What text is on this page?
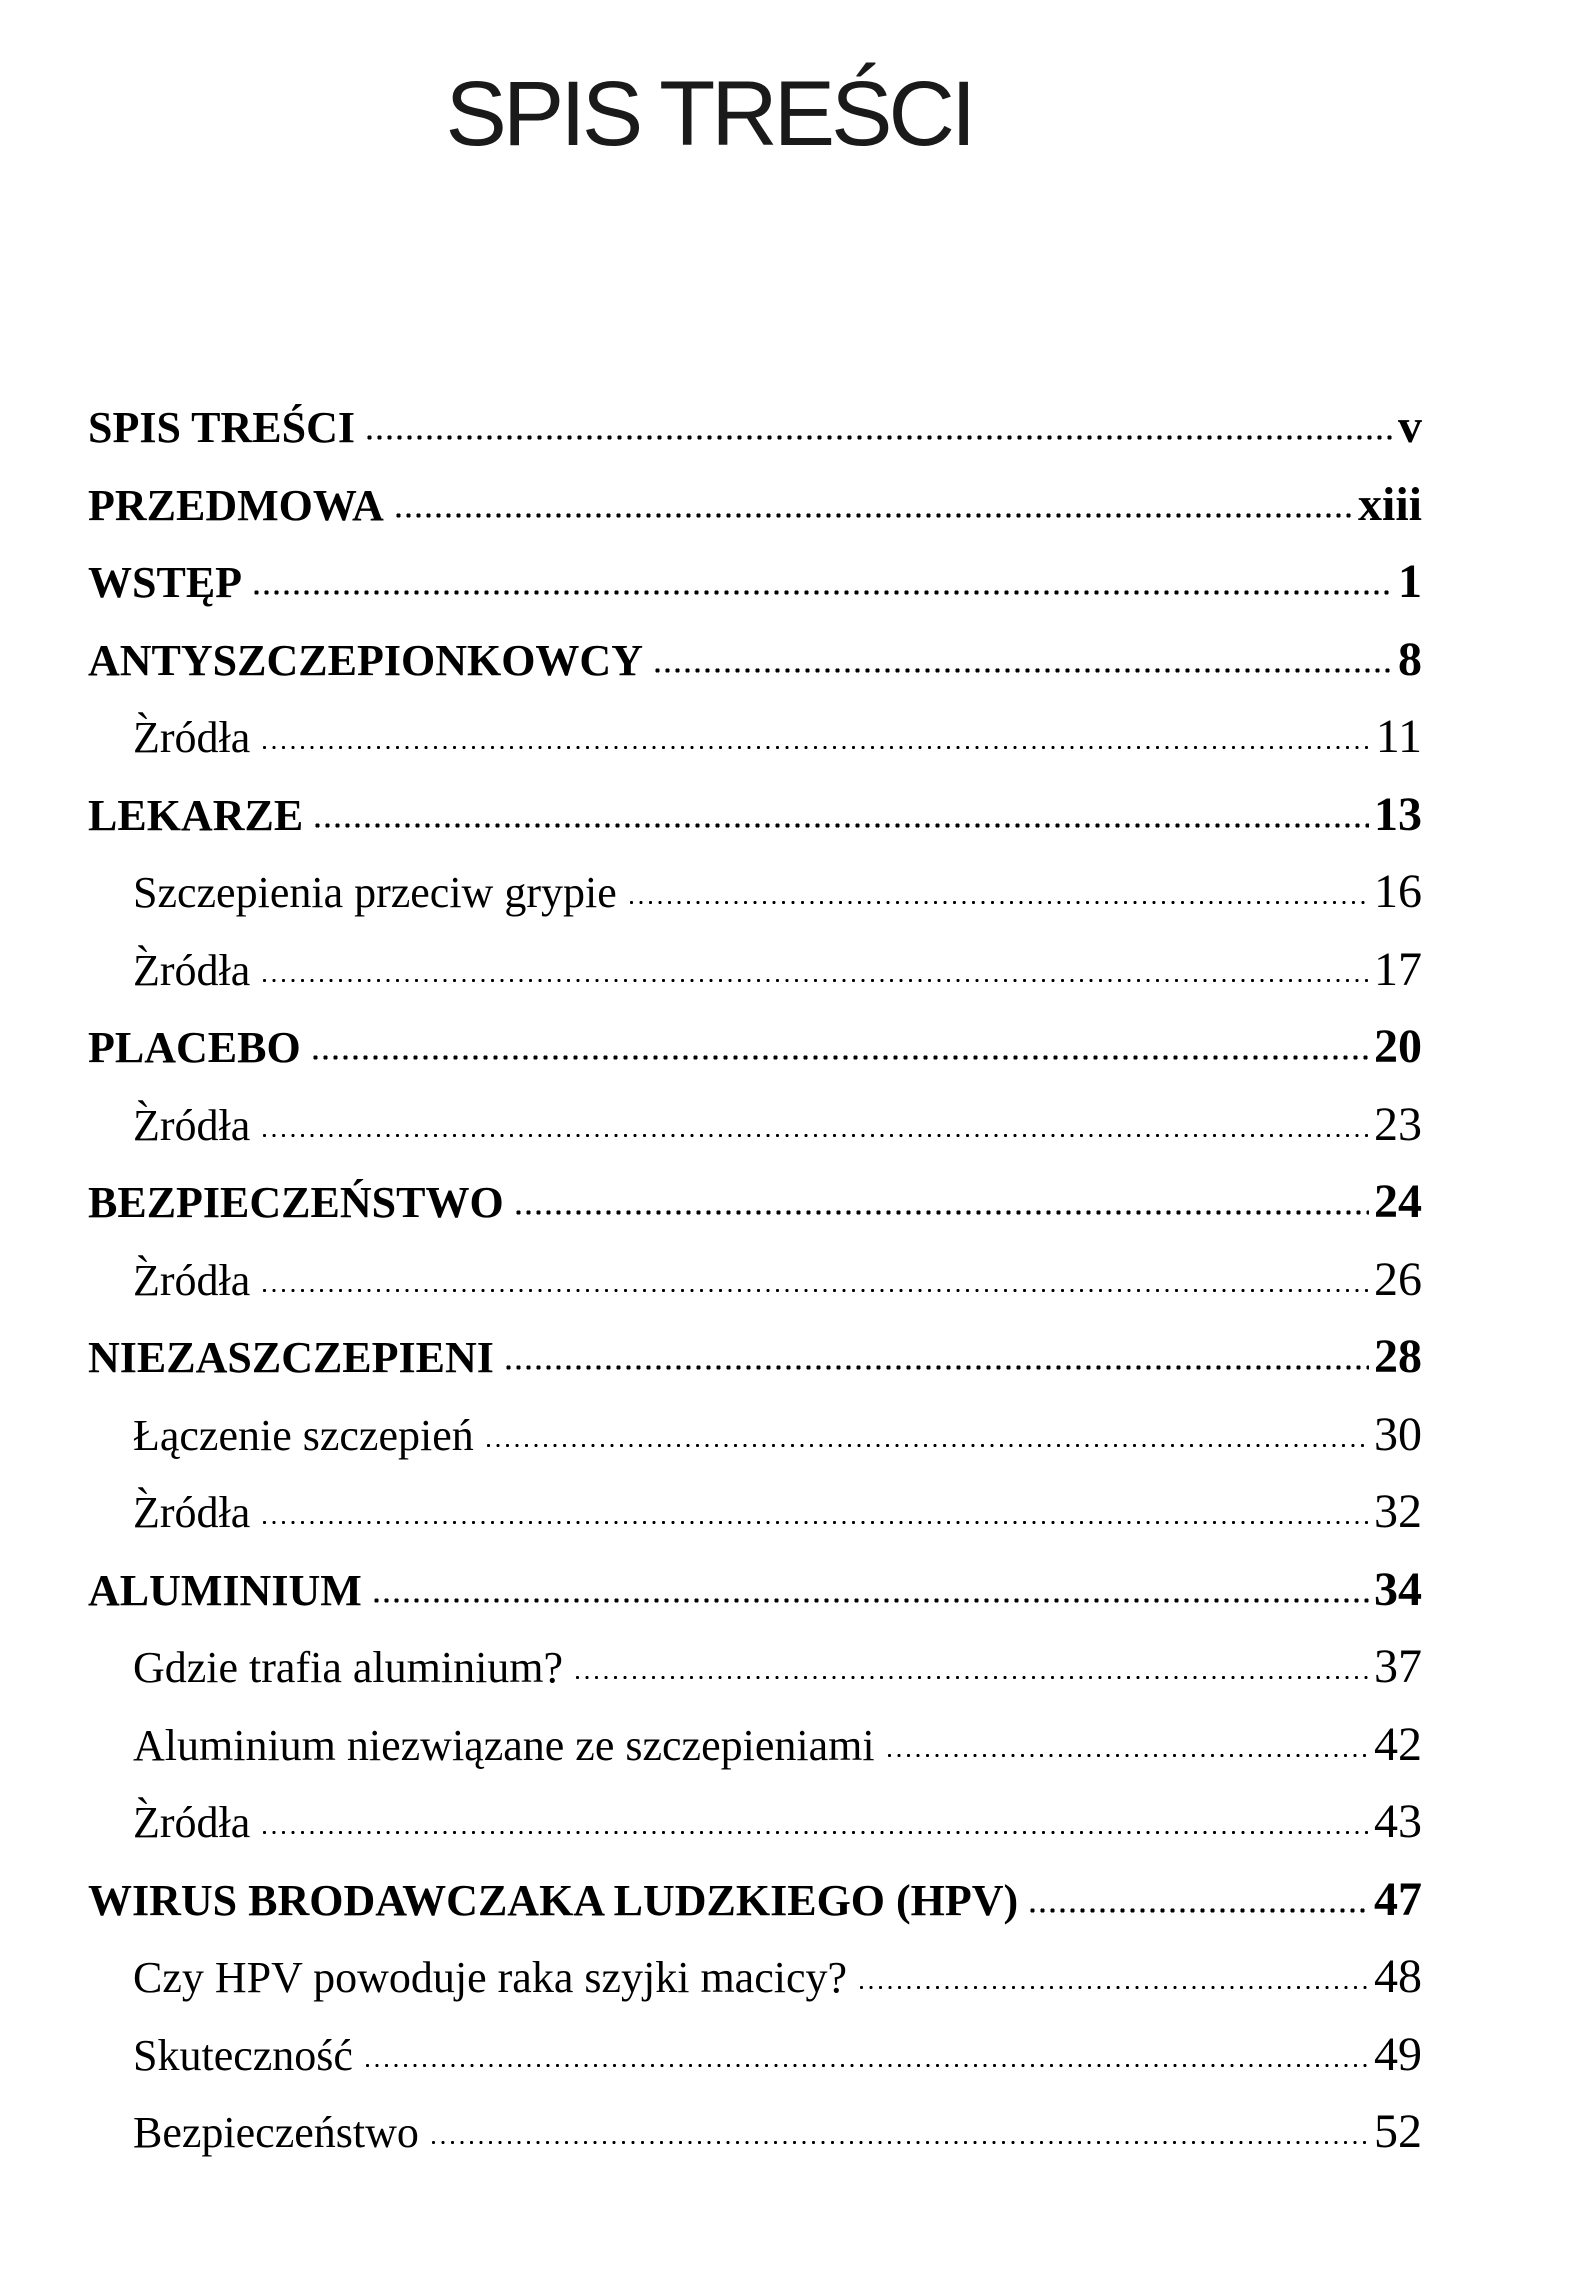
SPIS TREŚCI
SPIS TREŚCI	v
PRZEDMOWA	xiii
WSTĘP	1
ANTYSZCZEPIONKOWCY	8
Z̀ródła	11
LEKARZE	13
Szczepienia przeciw grypie	16
Z̀ródła	17
PLACEBO	20
Z̀ródła	23
BEZPIECZEŃSTWO	24
Z̀ródła	26
NIEZASZCZEPIENI	28
Łączenie szczepień	30
Z̀ródła	32
ALUMINIUM	34
Gdzie trafia aluminium?	37
Aluminium niezwiązane ze szczepieniami	42
Z̀ródła	43
WIRUS BRODAWCZAKA LUDZKIEGO (HPV)	47
Czy HPV powoduje raka szyjki macicy?	48
Skuteczność	49
Bezpieczeństwo	52
